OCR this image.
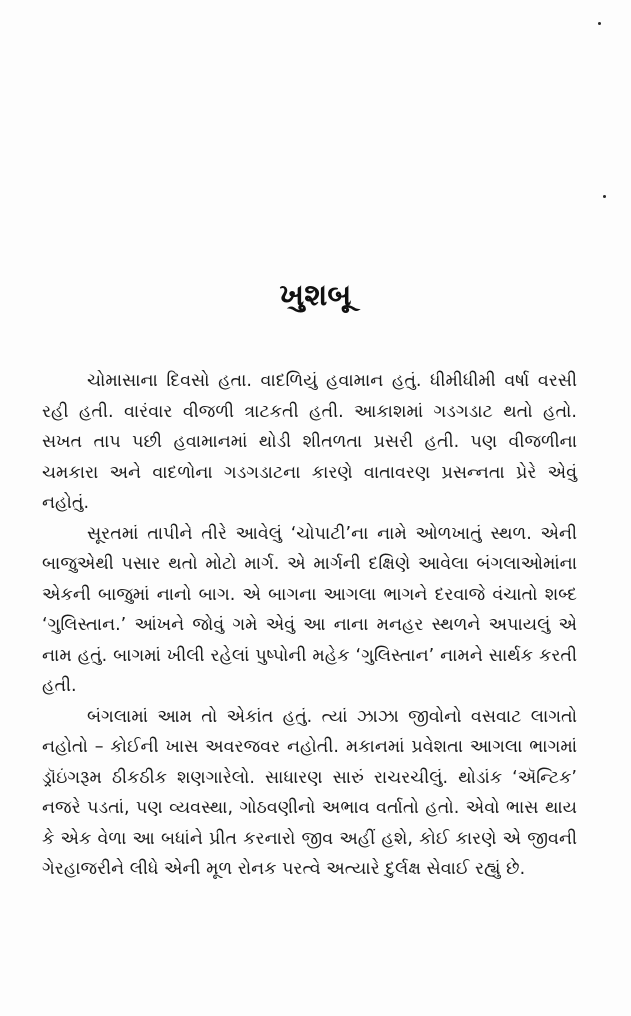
ખુશબૂ

ચોમાસાના દિવસો હતા. વાદળિયું હવામાન હતું. ધીમીધીમી વર્ષા વરસી રહી હતી. વારંવાર વીજળી ત્રાટકતી હતી. આકાશમાં ગડગડાટ થતો હતો. સખત તાપ પછી હવામાનમાં થોડી શીતળતા પ્રસરી હતી. પણ વીજળીના ચમકારા અને વાદળોના ગડગડાટના કારણે વાતાવરણ પ્રસન્નતા પ્રેરે એવું નહોતું.

સૂરતમાં તાપીને તીરે આવેલું ‘ચોપાટી’ના નામે ઓળખાતું સ્થળ. એની બાજુએથી પસાર થતો મોટો માર્ગ. એ માર્ગની દક્ષિણે આવેલા બંગલાઓમાંના એકની બાજુમાં નાનો બાગ. એ બાગના આગલા ભાગને દરવાજે વંચાતો શબ્દ ‘ગુલિસ્તાન.’ આંખને જોવું ગમે એવું આ નાના મનહર સ્થળને અપાયલું એ નામ હતું. બાગમાં ખીલી રહેલાં પુષ્પોની મહેક ‘ગુલિસ્તાન’ નામને સાર્થક કરતી હતી.

બંગલામાં આમ તો એકાંત હતું. ત્યાં ઝાઝા જીવોનો વસવાટ લાગતો નહોતો – કોઈની ખાસ અવરજવર નહોતી. મકાનમાં પ્રવેશતા આગલા ભાગમાં ડ્રૉઇંગરૂમ ઠીકઠીક શણગારેલો. સાધારણ સારું રાચરચીલું. થોડાંક ‘ઍન્ટિક’ નજરે પડતાં, પણ વ્યવસ્થા, ગોઠવણીનો અભાવ વર્તાતો હતો. એવો ભાસ થાય કે એક વેળા આ બધાંને પ્રીત કરનારો જીવ અહીં હશે, કોઈ કારણે એ જીવની ગેરહાજરીને લીધે એની મૂળ રોનક પરત્વે અત્યારે દુર્લક્ષ સેવાઈ રહ્યું છે.
